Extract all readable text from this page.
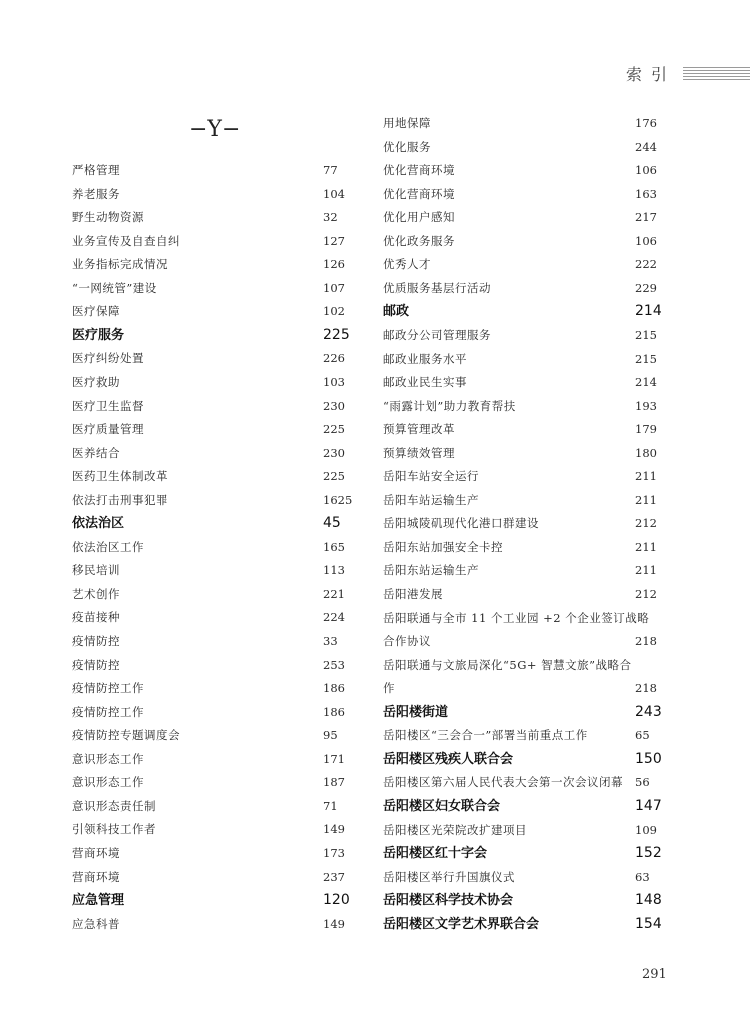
索引
−Y−
严格管理	77
养老服务	104
野生动物资源	32
业务宣传及自查自纠	127
业务指标完成情况	126
“一网统管”建设	107
医疗保障	102
医疗服务	225
医疗纠纷处置	226
医疗救助	103
医疗卫生监督	230
医疗质量管理	225
医养结合	230
医药卫生体制改革	225
依法打击刑事犯罪	1625
依法治区	45
依法治区工作	165
移民培训	113
艺术创作	221
疫苗接种	224
疫情防控	33
疫情防控	253
疫情防控工作	186
疫情防控工作	186
疫情防控专题调度会	95
意识形态工作	171
意识形态工作	187
意识形态责任制	71
引领科技工作者	149
营商环境	173
营商环境	237
应急管理	120
应急科普	149
用地保障	176
优化服务	244
优化营商环境	106
优化营商环境	163
优化用户感知	217
优化政务服务	106
优秀人才	222
优质服务基层行活动	229
邮政	214
邮政分公司管理服务	215
邮政业服务水平	215
邮政业民生实事	214
“雨露计划”助力教育帮扶	193
预算管理改革	179
预算绩效管理	180
岳阳车站安全运行	211
岳阳车站运输生产	211
岳阳城陵矶现代化港口群建设	212
岳阳东站加强安全卡控	211
岳阳东站运输生产	211
岳阳港发展	212
岳阳联通与全市 11 个工业园 +2 个企业签订战略
合作协议	218
岳阳联通与文旅局深化“5G+ 智慧文旅”战略合
作	218
岳阳楼街道	243
岳阳楼区“三会合一”部署当前重点工作	65
岳阳楼区残疾人联合会	150
岳阳楼区第六届人民代表大会第一次会议闭幕 56
岳阳楼区妇女联合会	147
岳阳楼区光荣院改扩建项目	109
岳阳楼区红十字会	152
岳阳楼区举行升国旗仪式	63
岳阳楼区科学技术协会	148
岳阳楼区文学艺术界联合会	154
291
